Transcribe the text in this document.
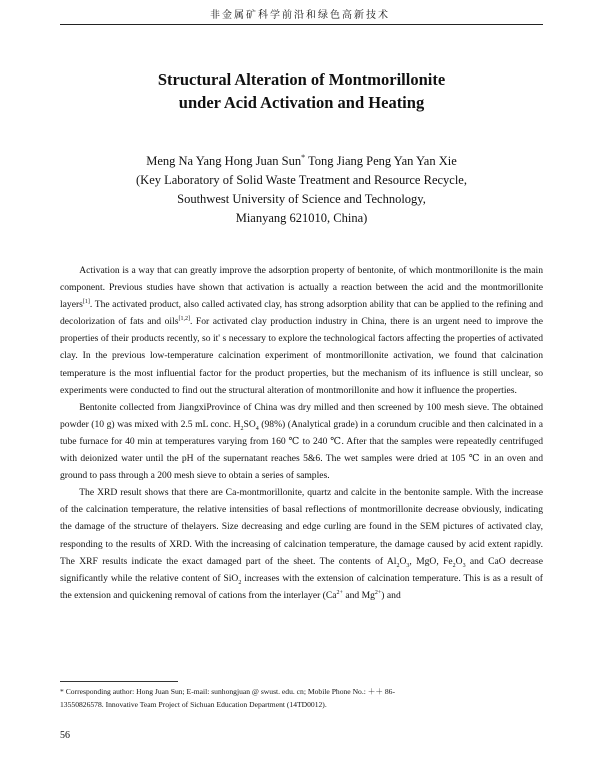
非金属矿科学前沿和绿色高新技术
Structural Alteration of Montmorillonite
under Acid Activation and Heating
Meng Na Yang Hong Juan Sun* Tong Jiang Peng Yan Yan Xie
(Key Laboratory of Solid Waste Treatment and Resource Recycle,
Southwest University of Science and Technology,
Mianyang 621010, China)

Activation is a way that can greatly improve the adsorption property of bentonite, of which montmorillonite is the main component. Previous studies have shown that activation is actually a reaction between the acid and the montmorillonite layers[1]. The activated product, also called activated clay, has strong adsorption ability that can be applied to the refining and decolorization of fats and oils[1,2]. For activated clay production industry in China, there is an urgent need to improve the properties of their products recently, so it' s necessary to explore the technological factors affecting the properties of activated clay. In the previous low-temperature calcination experiment of montmorillonite activation, we found that calcination temperature is the most influential factor for the product properties, but the mechanism of its influence is still unclear, so experiments were conducted to find out the structural alteration of montmorillonite and how it influence the properties.

Bentonite collected from JiangxiProvince of China was dry milled and then screened by 100 mesh sieve. The obtained powder (10 g) was mixed with 2.5 mL conc. $H_2SO_4$ (98%) (Analytical grade) in a corundum crucible and then calcinated in a tube furnace for 40 min at temperatures varying from 160 ℃ to 240 ℃. After that the samples were repeatedly centrifuged with deionized water until the pH of the supernatant reaches 5&6. The wet samples were dried at 105 ℃ in an oven and ground to pass through a 200 mesh sieve to obtain a series of samples.

The XRD result shows that there are Ca-montmorillonite, quartz and calcite in the bentonite sample. With the increase of the calcination temperature, the relative intensities of basal reflections of montmorillonite decrease obviously, indicating the damage of the structure of thelayers. Size decreasing and edge curling are found in the SEM pictures of activated clay, responding to the results of XRD. With the increasing of calcination temperature, the damage caused by acid extent rapidly. The XRF results indicate the exact damaged part of the sheet. The contents of $Al_2O_3$, MgO, $Fe_2O_3$ and CaO decrease significantly while the relative content of SiO$_2$ increases with the extension of calcination temperature. This is as a result of the extension and quickening removal of cations from the interlayer ($Ca^{2+}$ and $Mg^{2+}$) and

* Corresponding author: Hong Juan Sun; E-mail: sunhongjuan @ swust. edu. cn; Mobile Phone No.: ＋＋ 86-

13550826578. Innovative Team Project of Sichuan Education Department (14TD0012).

56
